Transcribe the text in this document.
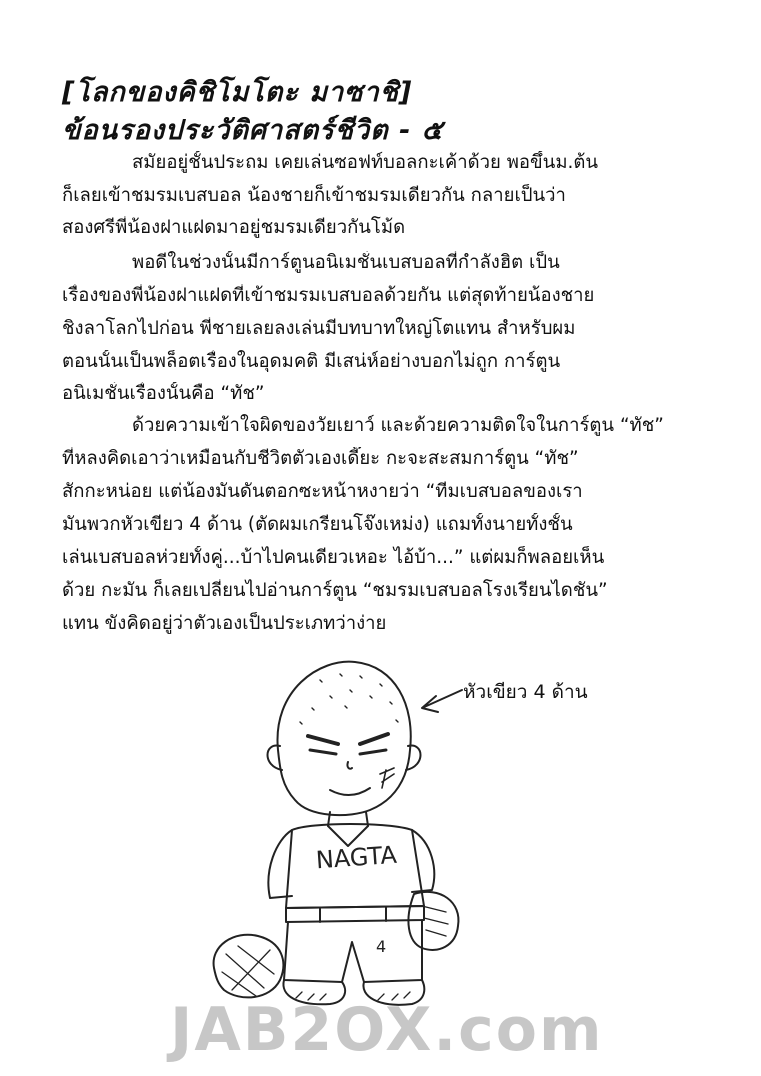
[โลกของคิชิโมโตะ มาซาชิ]
ข้อนรองประวัติศาสตร์ชีวิต - ๕
สมัยอยู่ชั้นประถม เคยเล่นซอฟท์บอลกะเค้าด้วย พอขึ้นม.ต้น
ก็เลยเข้าชมรมเบสบอล น้องชายก็เข้าชมรมเดียวกัน กลายเป็นว่า
สองศรีพี่น้องฝาแฝดมาอยู่ชมรมเดียวกันโม้ด
พอดีในช่วงนั้นมีการ์ตูนอนิเมชั่นเบสบอลที่กำลังฮิต เป็น
เรื่องของพี่น้องฝาแฝดที่เข้าชมรมเบสบอลด้วยกัน แต่สุดท้ายน้องชาย
ชิงลาโลกไปก่อน พี่ชายเลยลงเล่นมีบทบาทใหญ่โตแทน สำหรับผม
ตอนนั้นเป็นพล็อตเรื่องในอุดมคติ มีเสน่ห์อย่างบอกไม่ถูก การ์ตูน
อนิเมชั่นเรื่องนั้นคือ “ทัช”
ด้วยความเข้าใจผิดของวัยเยาว์ และด้วยความติดใจในการ์ตูน “ทัช”
ที่หลงคิดเอาว่าเหมือนกับชีวิตตัวเองเดี๊ยะ กะจะสะสมการ์ตูน “ทัช”
สักกะหน่อย แต่น้องมันดันตอกซะหน้าหงายว่า “ทีมเบสบอลของเรา
มันพวกหัวเขียว 4 ด้าน (ตัดผมเกรียนโจ๊งเหม่ง) แถมทั้งนายทั้งชั้น
เล่นเบสบอลห่วยทั้งคู่...บ้าไปคนเดียวเหอะ ไอ้บ้า...” แต่ผมก็พลอยเห็น
ด้วย กะมัน ก็เลยเปลี่ยนไปอ่านการ์ตูน “ชมรมเบสบอลโรงเรียนไดชัน”
แทน ขังคิดอยู่ว่าตัวเองเป็นประเภทว่าง่าย
หัวเขียว 4 ด้าน
NAGTA
4
JAB2OX.com
